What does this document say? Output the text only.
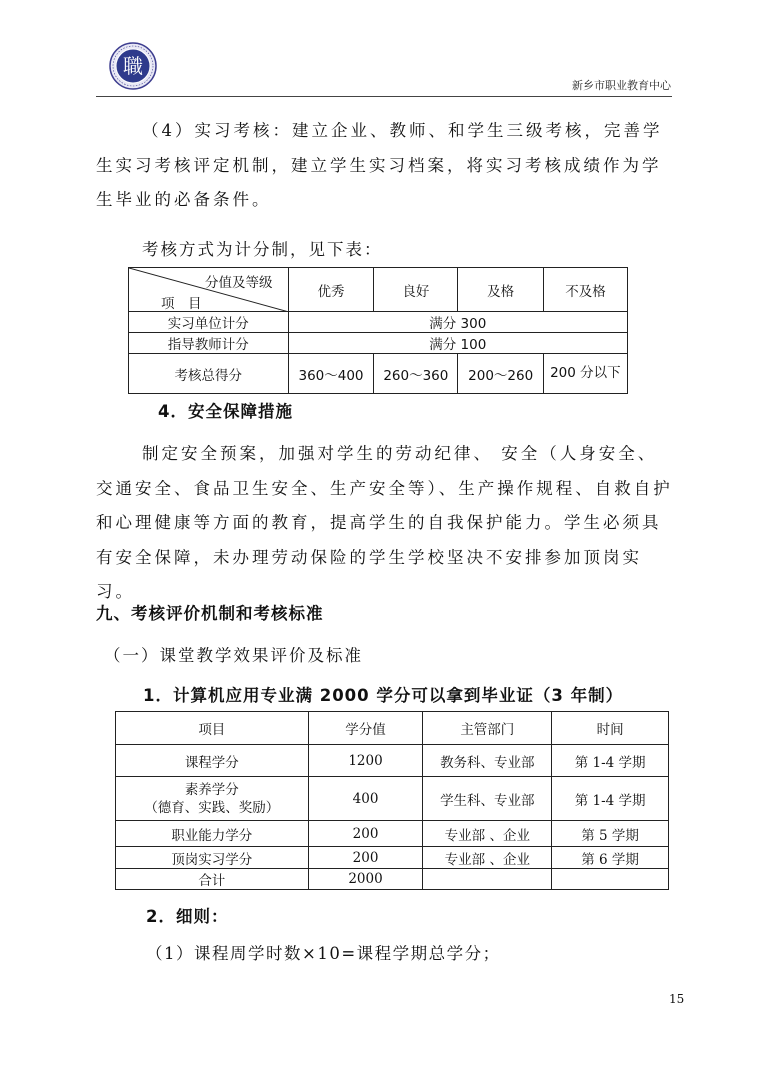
職
新乡市职业教育中心

（4）实习考核：建立企业、教师、和学生三级考核，完善学生实习考核评定机制，建立学生实习档案，将实习考核成绩作为学生毕业的必备条件。

考核方式为计分制，见下表：
分值及等级
项　目	优秀	良好	及格	不及格
实习单位计分	满分 300			
指导教师计分	满分 100			
考核总得分	360～400	260～360	200～260	200 分以下
4．安全保障措施

制定安全预案，加强对学生的劳动纪律、 安全（人身安全、交通安全、食品卫生安全、生产安全等）、生产操作规程、自救自护和心理健康等方面的教育，提高学生的自我保护能力。学生必须具有安全保障，未办理劳动保险的学生学校坚决不安排参加顶岗实习。

九、考核评价机制和考核标准
（一）课堂教学效果评价及标准
1．计算机应用专业满 2000 学分可以拿到毕业证（3 年制）
项目	学分值	主管部门	时间
课程学分	1200	教务科、专业部	第 1-4 学期

素养学分
（德育、实践、奖励）	400	学生科、专业部	第 1-4 学期
职业能力学分	200	专业部 、企业	第 5 学期
顶岗实习学分	200	专业部 、企业	第 6 学期
合计	2000		
2．细则：
（1）课程周学时数×10=课程学期总学分；
15
